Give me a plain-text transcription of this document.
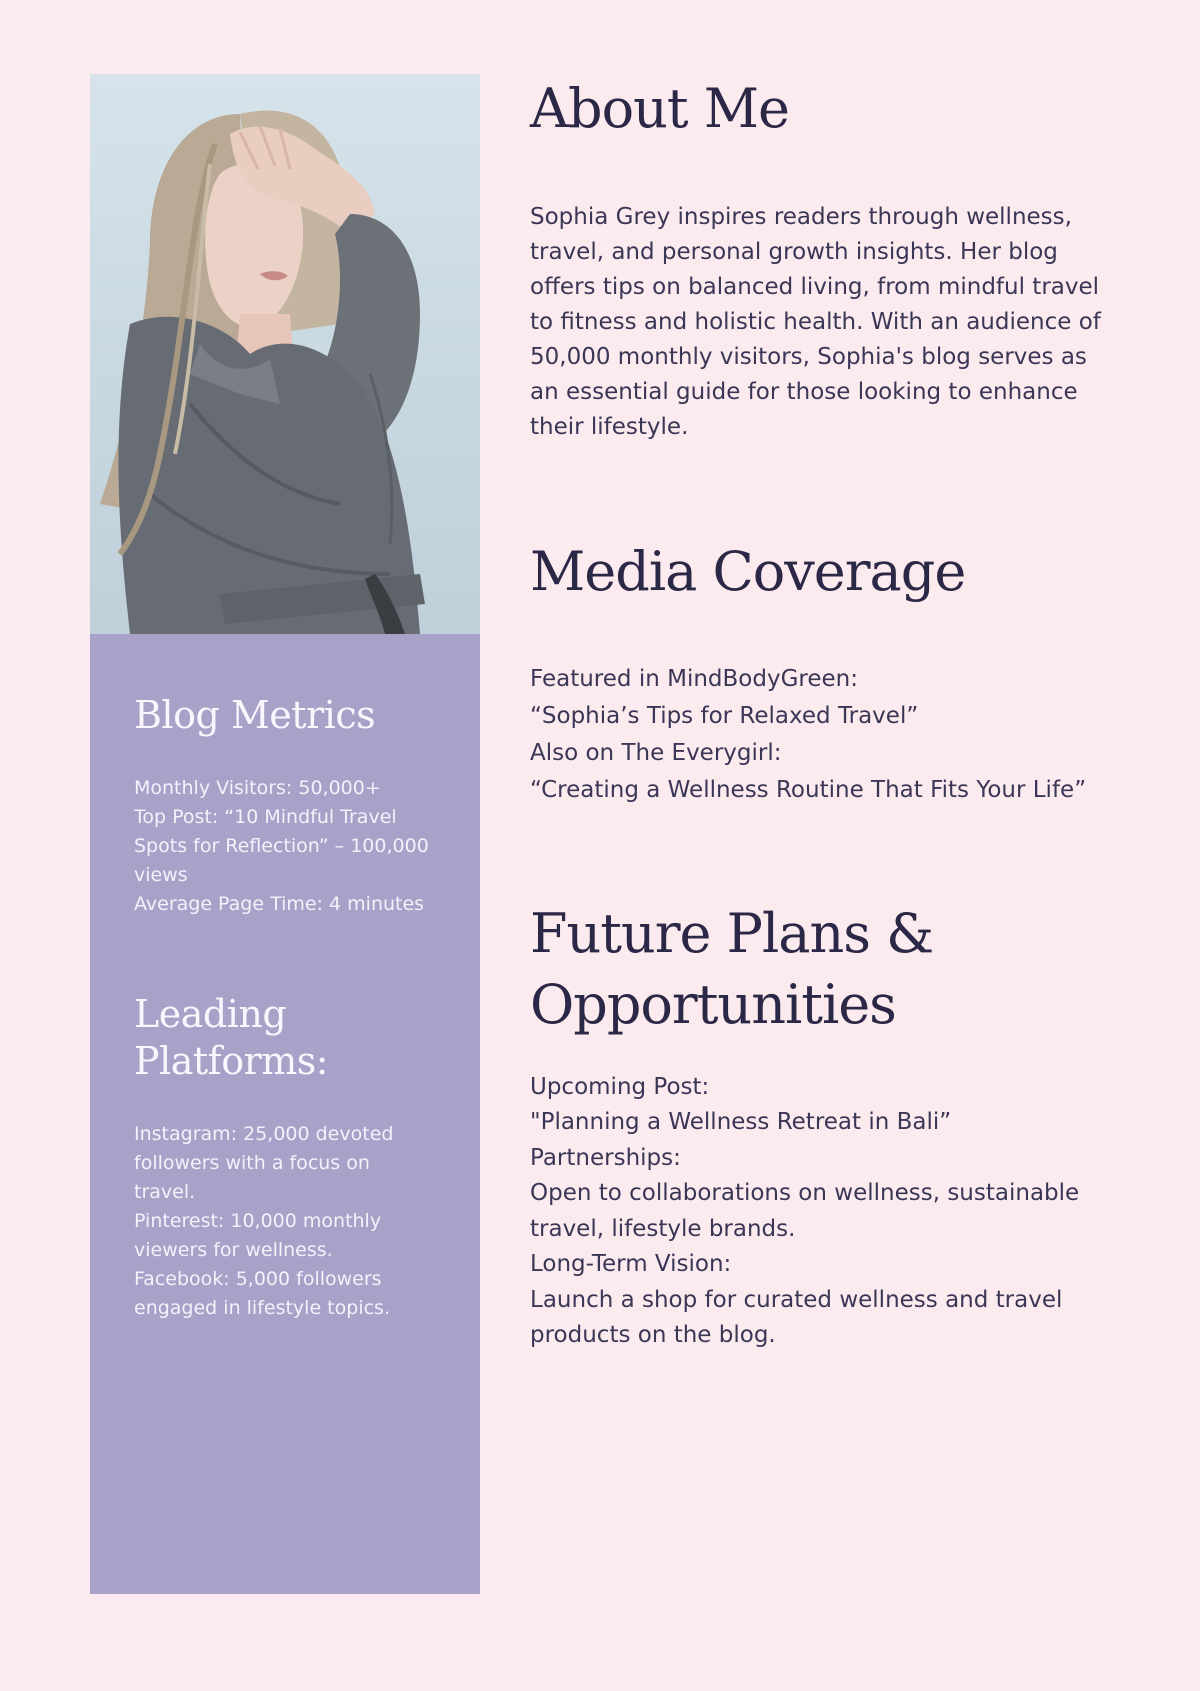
Blog Metrics
Monthly Visitors: 50,000+
Top Post: “10 Mindful Travel Spots for Reflection” – 100,000 views
Average Page Time: 4 minutes
Leading Platforms:
Instagram: 25,000 devoted followers with a focus on travel.
Pinterest: 10,000 monthly viewers for wellness.
Facebook: 5,000 followers engaged in lifestyle topics.
About Me

Sophia Grey inspires readers through wellness, travel, and personal growth insights. Her blog offers tips on balanced living, from mindful travel to fitness and holistic health. With an audience of 50,000 monthly visitors, Sophia's blog serves as an essential guide for those looking to enhance their lifestyle.

Media Coverage
Featured in MindBodyGreen:
“Sophia’s Tips for Relaxed Travel”
Also on The Everygirl:
“Creating a Wellness Routine That Fits Your Life”
Future Plans & Opportunities
Upcoming Post:
"Planning a Wellness Retreat in Bali”
Partnerships:
Open to collaborations on wellness, sustainable travel, lifestyle brands.
Long-Term Vision:
Launch a shop for curated wellness and travel products on the blog.
